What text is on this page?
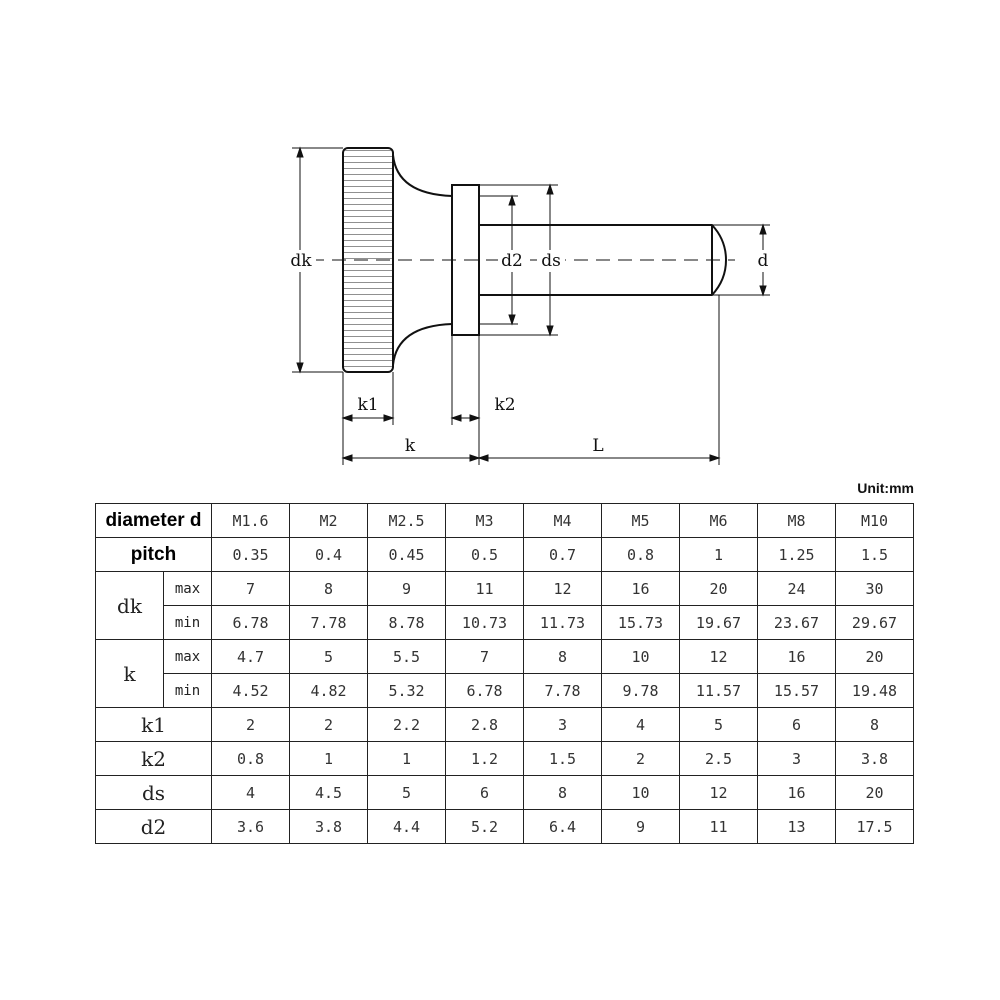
dk	d2 ds	d
k1	k2
k	L
Unit:mm
diameter d		M1.6	M2	M2.5	M3	M4	M5	M6	M8	M10
pitch		0.35	0.4	0.45	0.5	0.7	0.8	1	1.25	1.5
dk	max	7	8	9	11	12	16	20	24	30
	min	6.78	7.78	8.78	10.73	11.73	15.73	19.67	23.67	29.67
k	max	4.7	5	5.5	7	8	10	12	16	20
	min	4.52	4.82	5.32	6.78	7.78	9.78	11.57	15.57	19.48
k1		2	2	2.2	2.8	3	4	5	6	8
k2		0.8	1	1	1.2	1.5	2	2.5	3	3.8
ds		4	4.5	5	6	8	10	12	16	20
d2		3.6	3.8	4.4	5.2	6.4	9	11	13	17.5
